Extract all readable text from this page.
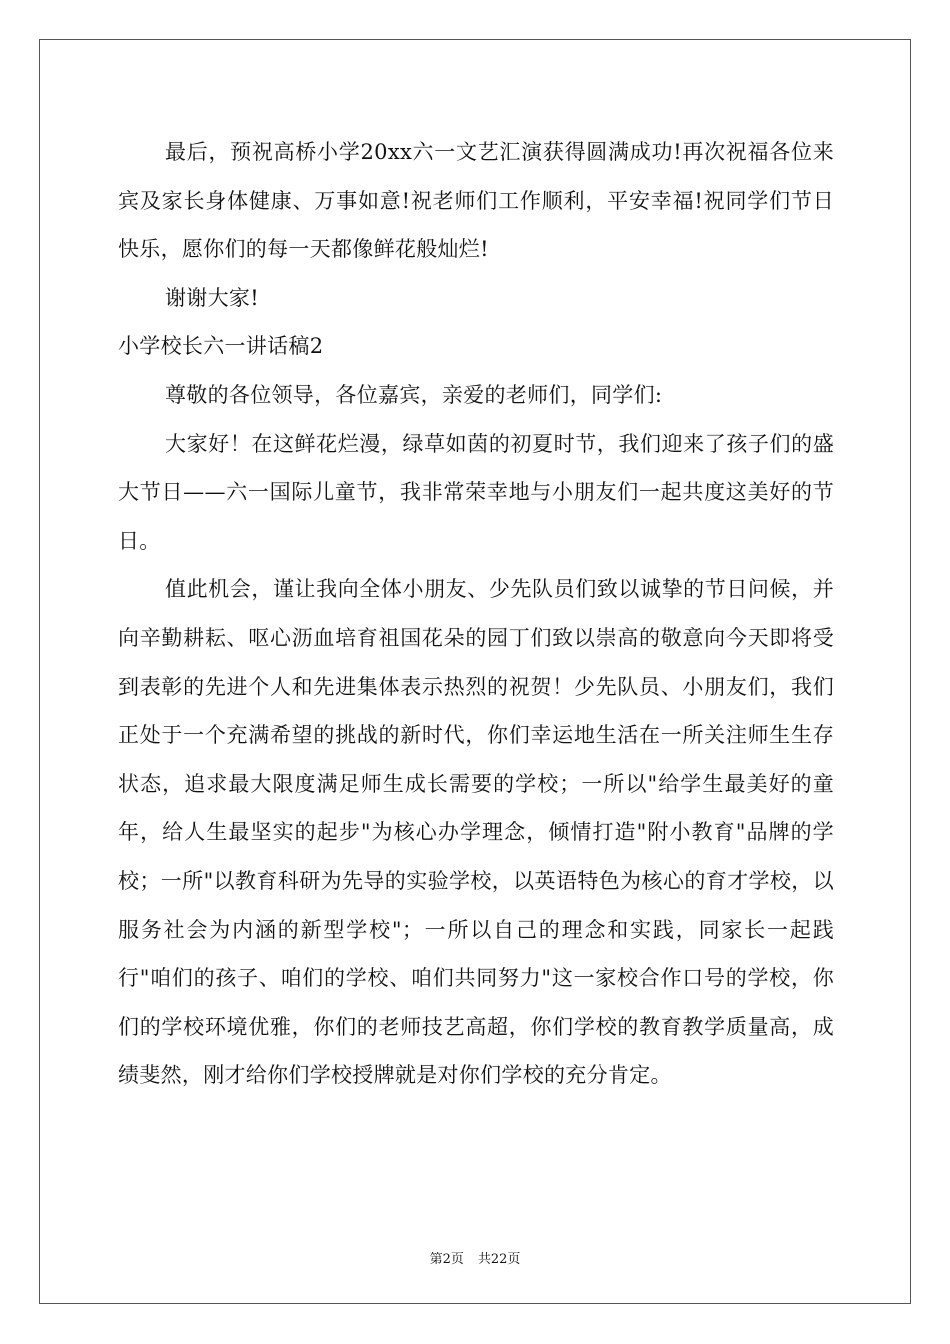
最后，预祝高桥小学20xx六一文艺汇演获得圆满成功!再次祝福各位来宾及家长身体健康、万事如意!祝老师们工作顺利，平安幸福!祝同学们节日快乐，愿你们的每一天都像鲜花般灿烂!

谢谢大家!

小学校长六一讲话稿2

尊敬的各位领导，各位嘉宾，亲爱的老师们，同学们:

大家好！在这鲜花烂漫，绿草如茵的初夏时节，我们迎来了孩子们的盛大节日——六一国际儿童节，我非常荣幸地与小朋友们一起共度这美好的节日。

值此机会，谨让我向全体小朋友、少先队员们致以诚挚的节日问候，并向辛勤耕耘、呕心沥血培育祖国花朵的园丁们致以崇高的敬意向今天即将受到表彰的先进个人和先进集体表示热烈的祝贺！少先队员、小朋友们，我们正处于一个充满希望的挑战的新时代，你们幸运地生活在一所关注师生生存状态，追求最大限度满足师生成长需要的学校；一所以"给学生最美好的童年，给人生最坚实的起步"为核心办学理念，倾情打造"附小教育"品牌的学校；一所"以教育科研为先导的实验学校，以英语特色为核心的育才学校，以服务社会为内涵的新型学校"；一所以自己的理念和实践，同家长一起践行"咱们的孩子、咱们的学校、咱们共同努力"这一家校合作口号的学校，你们的学校环境优雅，你们的老师技艺高超，你们学校的教育教学质量高，成绩斐然，刚才给你们学校授牌就是对你们学校的充分肯定。

第2页 共22页
